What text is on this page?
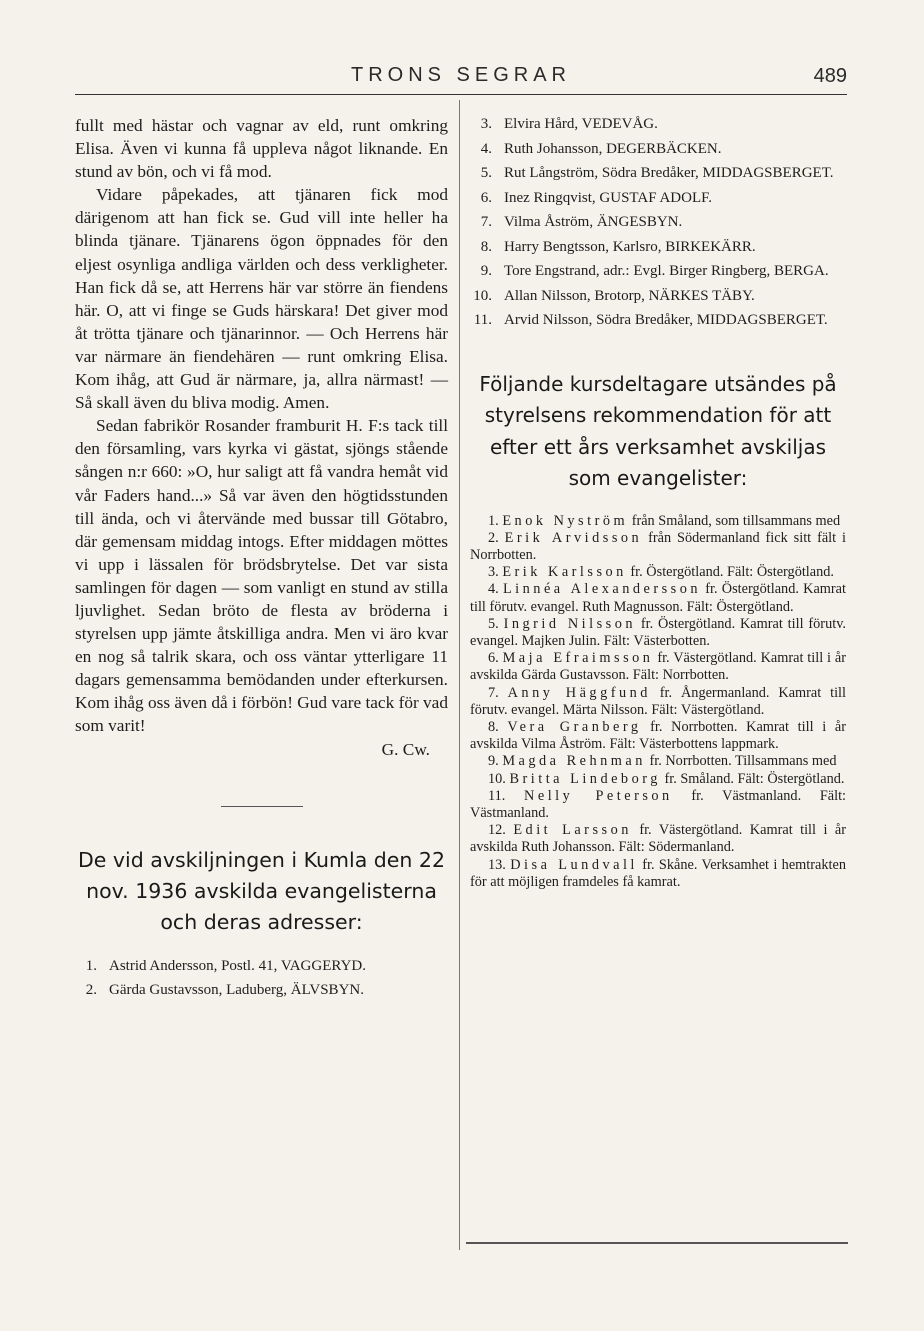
TRONS SEGRAR	489

fullt med hästar och vagnar av eld, runt omkring Elisa. Även vi kunna få uppleva något liknande. En stund av bön, och vi få mod.

Vidare påpekades, att tjänaren fick mod därigenom att han fick se. Gud vill inte heller ha blinda tjänare. Tjänarens ögon öppnades för den eljest osynliga andliga världen och dess verkligheter. Han fick då se, att Herrens här var större än fiendens här. O, att vi finge se Guds härskara! Det giver mod åt trötta tjänare och tjänarinnor. — Och Herrens här var närmare än fiendehären — runt omkring Elisa. Kom ihåg, att Gud är närmare, ja, allra närmast! — Så skall även du bliva modig. Amen.

Sedan fabrikör Rosander framburit H. F:s tack till den församling, vars kyrka vi gästat, sjöngs stående sången n:r 660: »O, hur saligt att få vandra hemåt vid vår Faders hand...» Så var även den högtidsstunden till ända, och vi återvände med bussar till Götabro, där gemensam middag intogs. Efter middagen möttes vi upp i lässalen för brödsbrytelse. Det var sista samlingen för dagen — som vanligt en stund av stilla ljuvlighet. Sedan bröto de flesta av bröderna i styrelsen upp jämte åtskilliga andra. Men vi äro kvar en nog så talrik skara, och oss väntar ytterligare 11 dagars gemensamma bemödanden under efterkursen. Kom ihåg oss även då i förbön! Gud vare tack för vad som varit!

G. Cw.

De vid avskiljningen i Kumla den 22 nov. 1936 avskilda evangelisterna och deras adresser:
1. Astrid Andersson, Postl. 41, VAGGERYD.
2. Gärda Gustavsson, Laduberg, ÄLVSBYN.
3. Elvira Hård, VEDEVÅG.
4. Ruth Johansson, DEGERBÄCKEN.
5. Rut Långström, Södra Bredåker, MIDDAGSBERGET.
6. Inez Ringqvist, GUSTAF ADOLF.
7. Vilma Åström, ÄNGESBYN.
8. Harry Bengtsson, Karlsro, BIRKEKÄRR.
9. Tore Engstrand, adr.: Evgl. Birger Ringberg, BERGA.
10. Allan Nilsson, Brotorp, NÄRKES TÄBY.
11. Arvid Nilsson, Södra Bredåker, MIDDAGSBERGET.
Följande kursdeltagare utsändes på styrelsens rekommendation för att efter ett års verksamhet avskiljas som evangelister:

1. Enok Nyström från Småland, som tillsammans med

2. Erik Arvidsson från Södermanland fick sitt fält i Norrbotten.

3. Erik Karlsson fr. Östergötland. Fält: Östergötland.

4. Linnéa Alexandersson fr. Östergötland. Kamrat till förutv. evangel. Ruth Magnusson. Fält: Östergötland.

5. Ingrid Nilsson fr. Östergötland. Kamrat till förutv. evangel. Majken Julin. Fält: Västerbotten.

6. Maja Efraimsson fr. Västergötland. Kamrat till i år avskilda Gärda Gustavsson. Fält: Norrbotten.

7. Anny Häggfund fr. Ångermanland. Kamrat till förutv. evangel. Märta Nilsson. Fält: Västergötland.

8. Vera Granberg fr. Norrbotten. Kamrat till i år avskilda Vilma Åström. Fält: Västerbottens lappmark.

9. Magda Rehnman fr. Norrbotten. Tillsammans med

10. Britta Lindeborg fr. Småland. Fält: Östergötland.

11. Nelly Peterson fr. Västmanland. Fält: Västmanland.

12. Edit Larsson fr. Västergötland. Kamrat till i år avskilda Ruth Johansson. Fält: Södermanland.

13. Disa Lundvall fr. Skåne. Verksamhet i hemtrakten för att möjligen framdeles få kamrat.
